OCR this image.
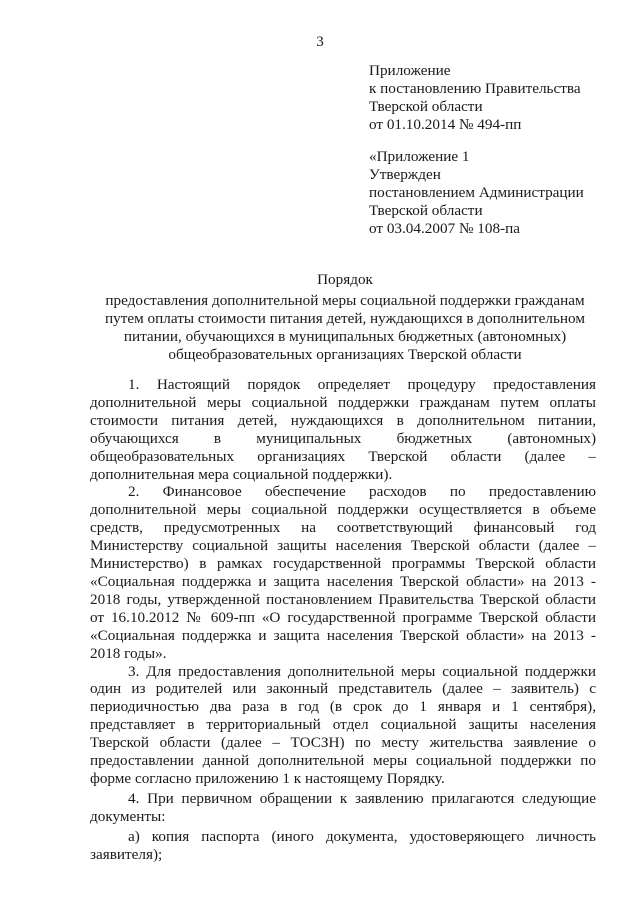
3
Приложение
к постановлению Правительства
Тверской области
от 01.10.2014 № 494-пп
«Приложение 1
Утвержден
постановлением Администрации
Тверской области
от 03.04.2007 № 108-па
Порядок
предоставления дополнительной меры социальной поддержки гражданам
путем оплаты стоимости питания детей, нуждающихся в дополнительном
питании, обучающихся в муниципальных бюджетных (автономных)
общеобразовательных организациях Тверской области

1. Настоящий порядок определяет процедуру предоставления дополнительной меры социальной поддержки гражданам путем оплаты стоимости питания детей, нуждающихся в дополнительном питании, обучающихся в муниципальных бюджетных (автономных) общеобразовательных организациях Тверской области (далее – дополнительная мера социальной поддержки).

2. Финансовое обеспечение расходов по предоставлению дополнительной меры социальной поддержки осуществляется в объеме средств, предусмотренных на соответствующий финансовый год Министерству социальной защиты населения Тверской области (далее – Министерство) в рамках государственной программы Тверской области «Социальная поддержка и защита населения Тверской области» на 2013 - 2018 годы, утвержденной постановлением Правительства Тверской области от 16.10.2012 № 609-пп «О государственной программе Тверской области «Социальная поддержка и защита населения Тверской области» на 2013 - 2018 годы».

3. Для предоставления дополнительной меры социальной поддержки один из родителей или законный представитель (далее – заявитель) с периодичностью два раза в год (в срок до 1 января и 1 сентября), представляет в территориальный отдел социальной защиты населения Тверской области (далее – ТОСЗН) по месту жительства заявление о предоставлении данной дополнительной меры социальной поддержки по форме согласно приложению 1 к настоящему Порядку.

4. При первичном обращении к заявлению прилагаются следующие документы:

а) копия паспорта (иного документа, удостоверяющего личность заявителя);
